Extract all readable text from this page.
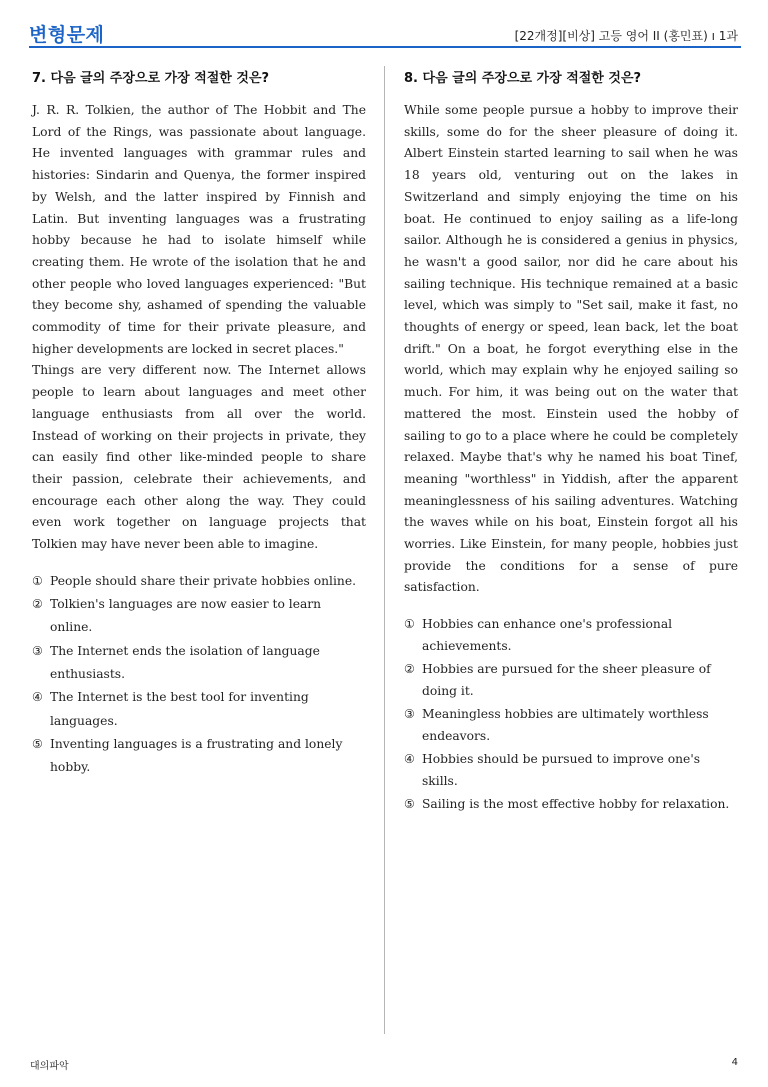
변형문제	[22개정][비상] 고등 영어 II (홍민표) ı 1과
7. 다음 글의 주장으로 가장 적절한 것은?

J. R. R. Tolkien, the author of The Hobbit and The Lord of the Rings, was passionate about language. He invented languages with grammar rules and histories: Sindarin and Quenya, the former inspired by Welsh, and the latter inspired by Finnish and Latin. But inventing languages was a frustrating hobby because he had to isolate himself while creating them. He wrote of the isolation that he and other people who loved languages experienced: "But they become shy, ashamed of spending the valuable commodity of time for their private pleasure, and higher developments are locked in secret places."

Things are very different now. The Internet allows people to learn about languages and meet other language enthusiasts from all over the world. Instead of working on their projects in private, they can easily find other like-minded people to share their passion, celebrate their achievements, and encourage each other along the way. They could even work together on language projects that Tolkien may have never been able to imagine.

① People should share their private hobbies online.
② Tolkien's languages are now easier to learn online.
③ The Internet ends the isolation of language enthusiasts.
④ The Internet is the best tool for inventing languages.
⑤ Inventing languages is a frustrating and lonely hobby.
8. 다음 글의 주장으로 가장 적절한 것은?

While some people pursue a hobby to improve their skills, some do for the sheer pleasure of doing it. Albert Einstein started learning to sail when he was 18 years old, venturing out on the lakes in Switzerland and simply enjoying the time on his boat. He continued to enjoy sailing as a life-long sailor. Although he is considered a genius in physics, he wasn't a good sailor, nor did he care about his sailing technique. His technique remained at a basic level, which was simply to "Set sail, make it fast, no thoughts of energy or speed, lean back, let the boat drift." On a boat, he forgot everything else in the world, which may explain why he enjoyed sailing so much. For him, it was being out on the water that mattered the most. Einstein used the hobby of sailing to go to a place where he could be completely relaxed. Maybe that's why he named his boat Tinef, meaning "worthless" in Yiddish, after the apparent meaninglessness of his sailing adventures. Watching the waves while on his boat, Einstein forgot all his worries. Like Einstein, for many people, hobbies just provide the conditions for a sense of pure satisfaction.

① Hobbies can enhance one's professional achievements.
② Hobbies are pursued for the sheer pleasure of doing it.
③ Meaningless hobbies are ultimately worthless endeavors.
④ Hobbies should be pursued to improve one's skills.
⑤ Sailing is the most effective hobby for relaxation.
대의파악	4
